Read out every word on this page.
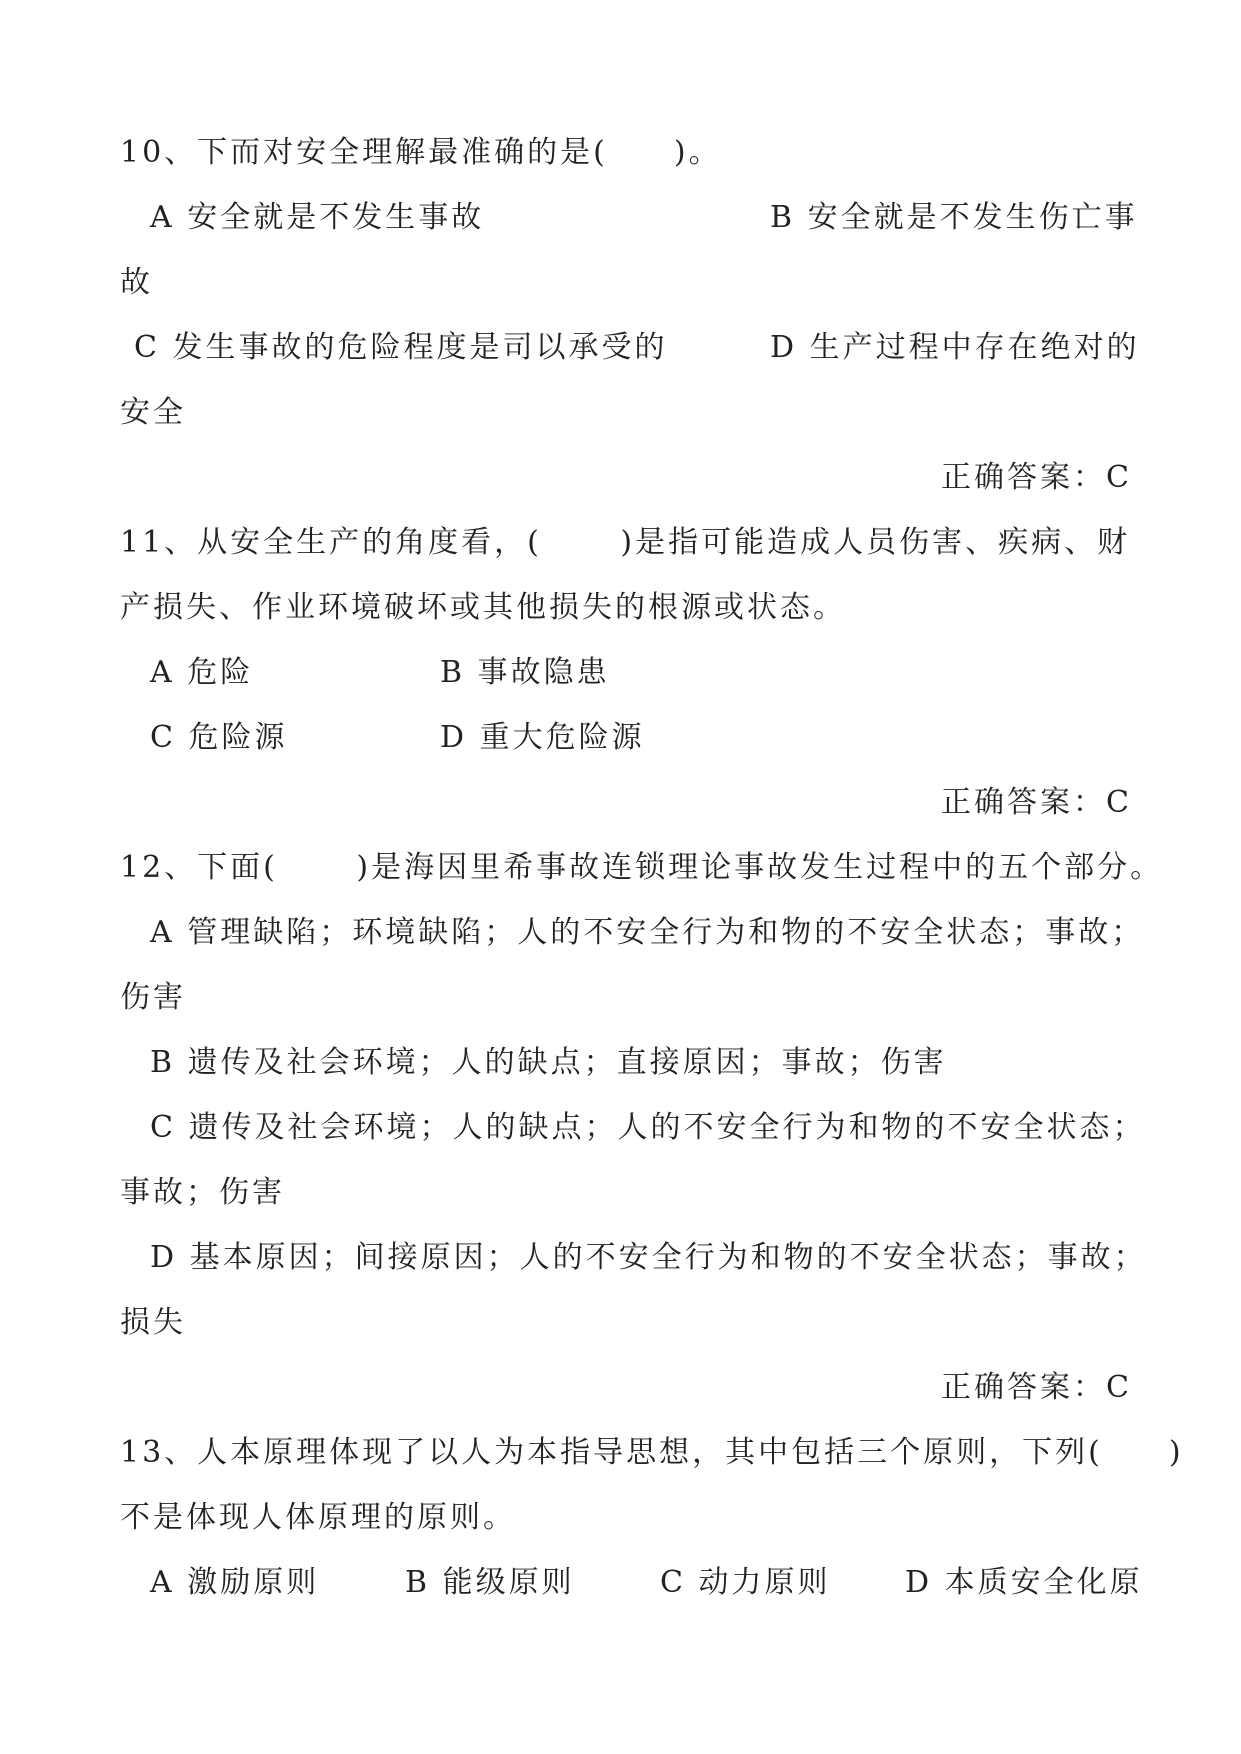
10、下而对安全理解最准确的是(　　)。
A 安全就是不发生事故	B 安全就是不发生伤亡事
故
C 发生事故的危险程度是司以承受的	D 生产过程中存在绝对的
安全
正确答案：C
11、从安全生产的角度看，(　　 )是指可能造成人员伤害、疾病、财
产损失、作业环境破坏或其他损失的根源或状态。
A 危险	B 事故隐患
C 危险源	D 重大危险源
正确答案：C
12、下面(　　 )是海因里希事故连锁理论事故发生过程中的五个部分。
A 管理缺陷；环境缺陷；人的不安全行为和物的不安全状态；事故；
伤害
B 遗传及社会环境；人的缺点；直接原因；事故；伤害
C 遗传及社会环境；人的缺点；人的不安全行为和物的不安全状态；
事故；伤害
D 基本原因；间接原因；人的不安全行为和物的不安全状态；事故；
损失
正确答案：C
13、人本原理体现了以人为本指导思想，其中包括三个原则，下列(　　)
不是体现人体原理的原则。
A 激励原则	B 能级原则	C 动力原则 D 本质安全化原
